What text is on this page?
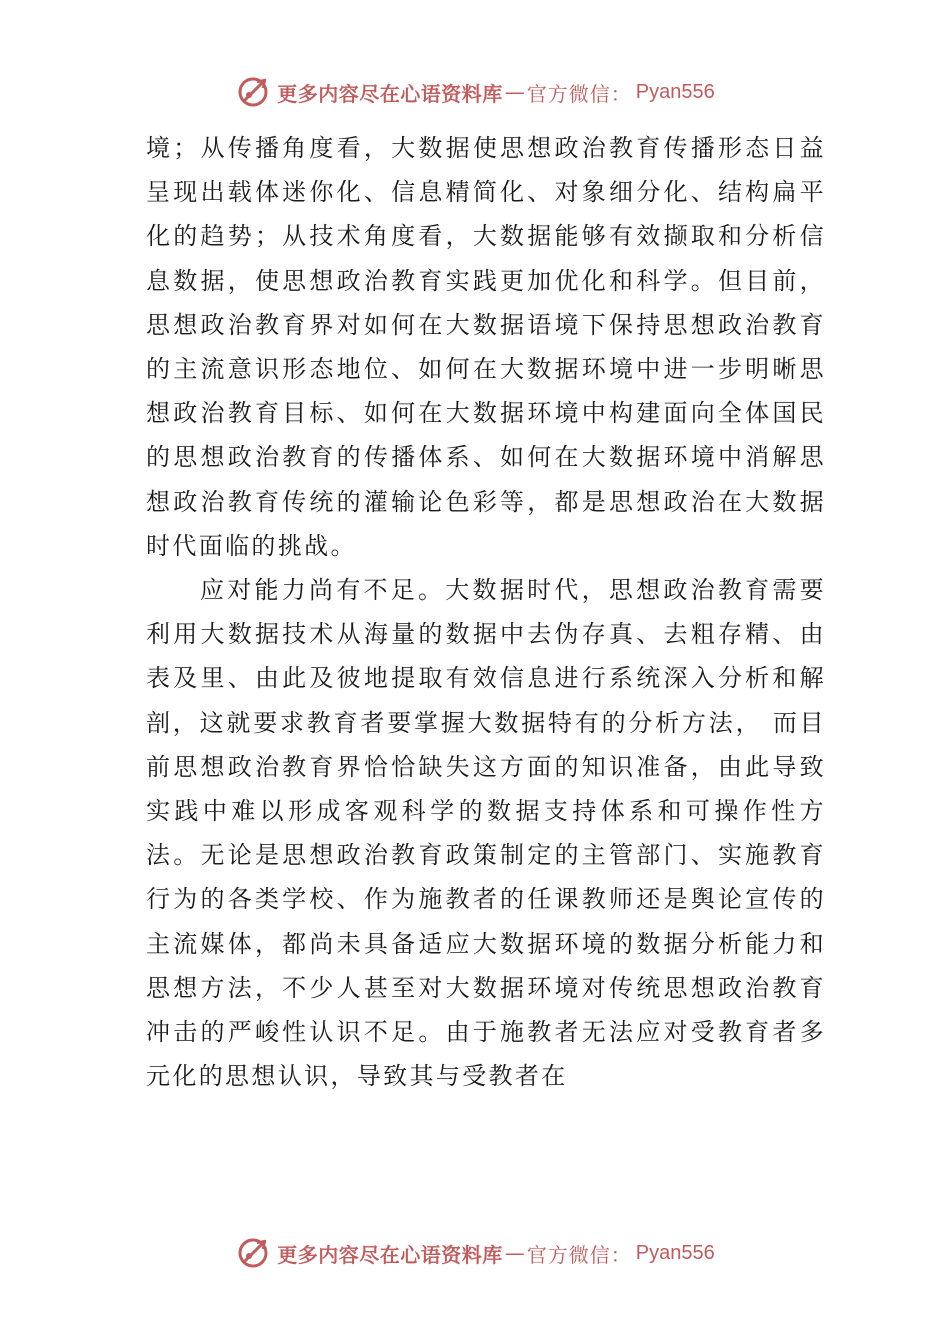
更多内容尽在心语资料库 — 官方微信： Pyan556

境；从传播角度看，大数据使思想政治教育传播形态日益呈现出载体迷你化、信息精简化、对象细分化、结构扁平化的趋势；从技术角度看，大数据能够有效撷取和分析信息数据，使思想政治教育实践更加优化和科学。但目前，思想政治教育界对如何在大数据语境下保持思想政治教育的主流意识形态地位、如何在大数据环境中进一步明晰思想政治教育目标、如何在大数据环境中构建面向全体国民的思想政治教育的传播体系、如何在大数据环境中消解思想政治教育传统的灌输论色彩等，都是思想政治在大数据时代面临的挑战。

应对能力尚有不足。大数据时代，思想政治教育需要利用大数据技术从海量的数据中去伪存真、去粗存精、由表及里、由此及彼地提取有效信息进行系统深入分析和解剖，这就要求教育者要掌握大数据特有的分析方法， 而目前思想政治教育界恰恰缺失这方面的知识准备，由此导致实践中难以形成客观科学的数据支持体系和可操作性方法。无论是思想政治教育政策制定的主管部门、实施教育行为的各类学校、作为施教者的任课教师还是舆论宣传的主流媒体，都尚未具备适应大数据环境的数据分析能力和思想方法，不少人甚至对大数据环境对传统思想政治教育冲击的严峻性认识不足。由于施教者无法应对受教育者多元化的思想认识，导致其与受教者在

更多内容尽在心语资料库 — 官方微信： Pyan556
